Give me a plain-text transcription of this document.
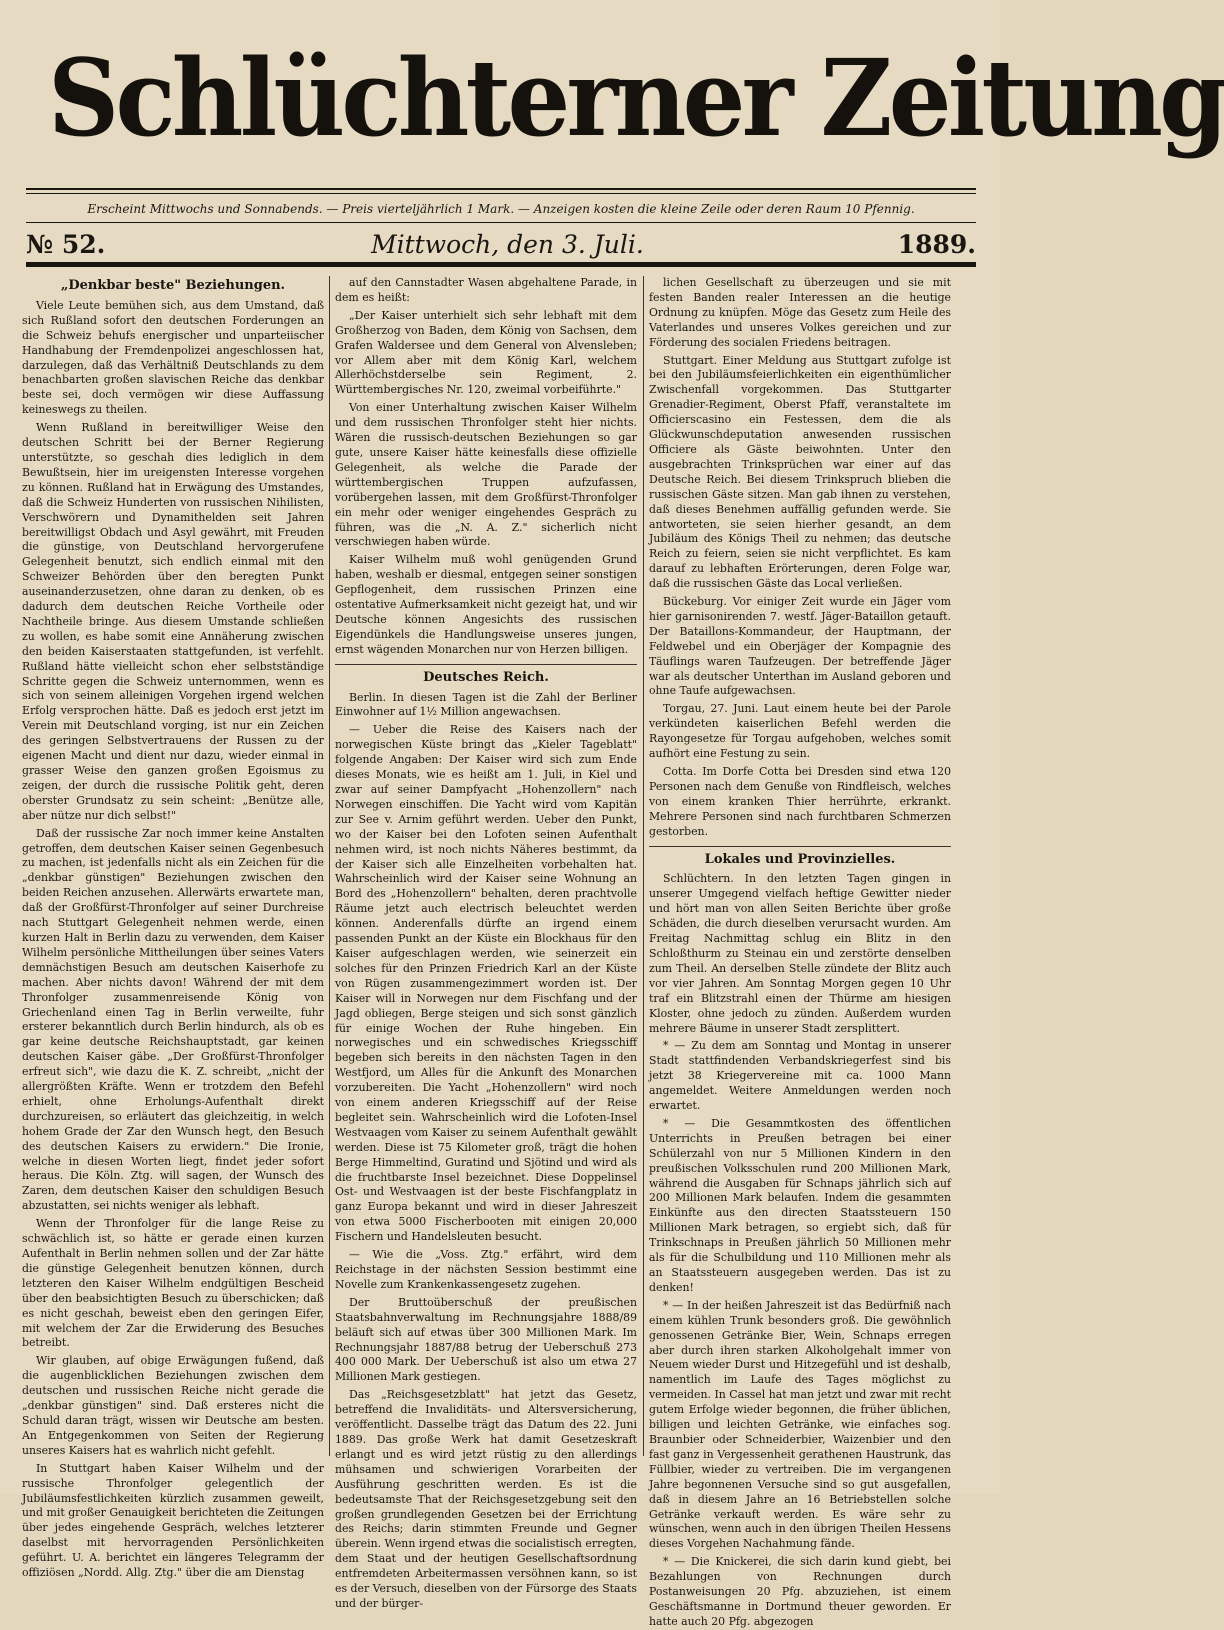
Schlüchterner Zeitung
Erscheint Mittwochs und Sonnabends. — Preis vierteljährlich 1 Mark. — Anzeigen kosten die kleine Zeile oder deren Raum 10 Pfennig.
№ 52.	Mittwoch, den 3. Juli.	1889.

„Denkbar beste" Beziehungen.

Viele Leute bemühen sich, aus dem Umstand, daß sich Rußland sofort den deutschen Forderungen an die Schweiz behufs energischer und unparteiischer Handhabung der Fremdenpolizei angeschlossen hat, darzulegen, daß das Verhältniß Deutschlands zu dem benachbarten großen slavischen Reiche das denkbar beste sei, doch vermögen wir diese Auffassung keineswegs zu theilen.

Wenn Rußland in bereitwilliger Weise den deutschen Schritt bei der Berner Regierung unterstützte, so geschah dies lediglich in dem Bewußtsein, hier im ureigensten Interesse vorgehen zu können. Rußland hat in Erwägung des Umstandes, daß die Schweiz Hunderten von russischen Nihilisten, Verschwörern und Dynamithelden seit Jahren bereitwilligst Obdach und Asyl gewährt, mit Freuden die günstige, von Deutschland hervorgerufene Gelegenheit benutzt, sich endlich einmal mit den Schweizer Behörden über den beregten Punkt auseinanderzusetzen, ohne daran zu denken, ob es dadurch dem deutschen Reiche Vortheile oder Nachtheile bringe. Aus diesem Umstande schließen zu wollen, es habe somit eine Annäherung zwischen den beiden Kaiserstaaten stattgefunden, ist verfehlt. Rußland hätte vielleicht schon eher selbstständige Schritte gegen die Schweiz unternommen, wenn es sich von seinem alleinigen Vorgehen irgend welchen Erfolg versprochen hätte. Daß es jedoch erst jetzt im Verein mit Deutschland vorging, ist nur ein Zeichen des geringen Selbstvertrauens der Russen zu der eigenen Macht und dient nur dazu, wieder einmal in grasser Weise den ganzen großen Egoismus zu zeigen, der durch die russische Politik geht, deren oberster Grundsatz zu sein scheint: „Benütze alle, aber nütze nur dich selbst!"

Daß der russische Zar noch immer keine Anstalten getroffen, dem deutschen Kaiser seinen Gegenbesuch zu machen, ist jedenfalls nicht als ein Zeichen für die „denkbar günstigen" Beziehungen zwischen den beiden Reichen anzusehen. Allerwärts erwartete man, daß der Großfürst-Thronfolger auf seiner Durchreise nach Stuttgart Gelegenheit nehmen werde, einen kurzen Halt in Berlin dazu zu verwenden, dem Kaiser Wilhelm persönliche Mittheilungen über seines Vaters demnächstigen Besuch am deutschen Kaiserhofe zu machen. Aber nichts davon! Während der mit dem Thronfolger zusammenreisende König von Griechenland einen Tag in Berlin verweilte, fuhr ersterer bekanntlich durch Berlin hindurch, als ob es gar keine deutsche Reichshauptstadt, gar keinen deutschen Kaiser gäbe. „Der Großfürst-Thronfolger erfreut sich", wie dazu die K. Z. schreibt, „nicht der allergrößten Kräfte. Wenn er trotzdem den Befehl erhielt, ohne Erholungs-Aufenthalt direkt durchzureisen, so erläutert das gleichzeitig, in welch hohem Grade der Zar den Wunsch hegt, den Besuch des deutschen Kaisers zu erwidern." Die Ironie, welche in diesen Worten liegt, findet jeder sofort heraus. Die Köln. Ztg. will sagen, der Wunsch des Zaren, dem deutschen Kaiser den schuldigen Besuch abzustatten, sei nichts weniger als lebhaft.

Wenn der Thronfolger für die lange Reise zu schwächlich ist, so hätte er gerade einen kurzen Aufenthalt in Berlin nehmen sollen und der Zar hätte die günstige Gelegenheit benutzen können, durch letzteren den Kaiser Wilhelm endgültigen Bescheid über den beabsichtigten Besuch zu überschicken; daß es nicht geschah, beweist eben den geringen Eifer, mit welchem der Zar die Erwiderung des Besuches betreibt.

Wir glauben, auf obige Erwägungen fußend, daß die augenblicklichen Beziehungen zwischen dem deutschen und russischen Reiche nicht gerade die „denkbar günstigen" sind. Daß ersteres nicht die Schuld daran trägt, wissen wir Deutsche am besten. An Entgegenkommen von Seiten der Regierung unseres Kaisers hat es wahrlich nicht gefehlt.

In Stuttgart haben Kaiser Wilhelm und der russische Thronfolger gelegentlich der Jubiläumsfestlichkeiten kürzlich zusammen geweilt, und mit großer Genauigkeit berichteten die Zeitungen über jedes eingehende Gespräch, welches letzterer daselbst mit hervorragenden Persönlichkeiten geführt. U. A. berichtet ein längeres Telegramm der offiziösen „Nordd. Allg. Ztg." über die am Dienstag

auf den Cannstadter Wasen abgehaltene Parade, in dem es heißt:

„Der Kaiser unterhielt sich sehr lebhaft mit dem Großherzog von Baden, dem König von Sachsen, dem Grafen Waldersee und dem General von Alvensleben; vor Allem aber mit dem König Karl, welchem Allerhöchstderselbe sein Regiment, 2. Württembergisches Nr. 120, zweimal vorbeiführte."

Von einer Unterhaltung zwischen Kaiser Wilhelm und dem russischen Thronfolger steht hier nichts. Wären die russisch-deutschen Beziehungen so gar gute, unsere Kaiser hätte keinesfalls diese offizielle Gelegenheit, als welche die Parade der württembergischen Truppen aufzufassen, vorübergehen lassen, mit dem Großfürst-Thronfolger ein mehr oder weniger eingehendes Gespräch zu führen, was die „N. A. Z." sicherlich nicht verschwiegen haben würde.

Kaiser Wilhelm muß wohl genügenden Grund haben, weshalb er diesmal, entgegen seiner sonstigen Gepflogenheit, dem russischen Prinzen eine ostentative Aufmerksamkeit nicht gezeigt hat, und wir Deutsche können Angesichts des russischen Eigendünkels die Handlungsweise unseres jungen, ernst wägenden Monarchen nur von Herzen billigen.

Deutsches Reich.

Berlin. In diesen Tagen ist die Zahl der Berliner Einwohner auf 1½ Million angewachsen.

— Ueber die Reise des Kaisers nach der norwegischen Küste bringt das „Kieler Tageblatt" folgende Angaben: Der Kaiser wird sich zum Ende dieses Monats, wie es heißt am 1. Juli, in Kiel und zwar auf seiner Dampfyacht „Hohenzollern" nach Norwegen einschiffen. Die Yacht wird vom Kapitän zur See v. Arnim geführt werden. Ueber den Punkt, wo der Kaiser bei den Lofoten seinen Aufenthalt nehmen wird, ist noch nichts Näheres bestimmt, da der Kaiser sich alle Einzelheiten vorbehalten hat. Wahrscheinlich wird der Kaiser seine Wohnung an Bord des „Hohenzollern" behalten, deren prachtvolle Räume jetzt auch electrisch beleuchtet werden können. Anderenfalls dürfte an irgend einem passenden Punkt an der Küste ein Blockhaus für den Kaiser aufgeschlagen werden, wie seinerzeit ein solches für den Prinzen Friedrich Karl an der Küste von Rügen zusammengezimmert worden ist. Der Kaiser will in Norwegen nur dem Fischfang und der Jagd obliegen, Berge steigen und sich sonst gänzlich für einige Wochen der Ruhe hingeben. Ein norwegisches und ein schwedisches Kriegsschiff begeben sich bereits in den nächsten Tagen in den Westfjord, um Alles für die Ankunft des Monarchen vorzubereiten. Die Yacht „Hohenzollern" wird noch von einem anderen Kriegsschiff auf der Reise begleitet sein. Wahrscheinlich wird die Lofoten-Insel Westvaagen vom Kaiser zu seinem Aufenthalt gewählt werden. Diese ist 75 Kilometer groß, trägt die hohen Berge Himmeltind, Guratind und Sjötind und wird als die fruchtbarste Insel bezeichnet. Diese Doppelinsel Ost- und Westvaagen ist der beste Fischfangplatz in ganz Europa bekannt und wird in dieser Jahreszeit von etwa 5000 Fischerbooten mit einigen 20,000 Fischern und Handelsleuten besucht.

— Wie die „Voss. Ztg." erfährt, wird dem Reichstage in der nächsten Session bestimmt eine Novelle zum Krankenkassengesetz zugehen.

Der Bruttoüberschuß der preußischen Staatsbahnverwaltung im Rechnungsjahre 1888/89 beläuft sich auf etwas über 300 Millionen Mark. Im Rechnungsjahr 1887/88 betrug der Ueberschuß 273 400 000 Mark. Der Ueberschuß ist also um etwa 27 Millionen Mark gestiegen.

Das „Reichsgesetzblatt" hat jetzt das Gesetz, betreffend die Invaliditäts- und Altersversicherung, veröffentlicht. Dasselbe trägt das Datum des 22. Juni 1889. Das große Werk hat damit Gesetzeskraft erlangt und es wird jetzt rüstig zu den allerdings mühsamen und schwierigen Vorarbeiten der Ausführung geschritten werden. Es ist die bedeutsamste That der Reichsgesetzgebung seit den großen grundlegenden Gesetzen bei der Errichtung des Reichs; darin stimmten Freunde und Gegner überein. Wenn irgend etwas die socialistisch erregten, dem Staat und der heutigen Gesellschaftsordnung entfremdeten Arbeitermassen versöhnen kann, so ist es der Versuch, dieselben von der Fürsorge des Staats und der bürger-

lichen Gesellschaft zu überzeugen und sie mit festen Banden realer Interessen an die heutige Ordnung zu knüpfen. Möge das Gesetz zum Heile des Vaterlandes und unseres Volkes gereichen und zur Förderung des socialen Friedens beitragen.

Stuttgart. Einer Meldung aus Stuttgart zufolge ist bei den Jubiläumsfeierlichkeiten ein eigenthümlicher Zwischenfall vorgekommen. Das Stuttgarter Grenadier-Regiment, Oberst Pfaff, veranstaltete im Officierscasino ein Festessen, dem die als Glückwunschdeputation anwesenden russischen Officiere als Gäste beiwohnten. Unter den ausgebrachten Trinksprüchen war einer auf das Deutsche Reich. Bei diesem Trinkspruch blieben die russischen Gäste sitzen. Man gab ihnen zu verstehen, daß dieses Benehmen auffällig gefunden werde. Sie antworteten, sie seien hierher gesandt, an dem Jubiläum des Königs Theil zu nehmen; das deutsche Reich zu feiern, seien sie nicht verpflichtet. Es kam darauf zu lebhaften Erörterungen, deren Folge war, daß die russischen Gäste das Local verließen.

Bückeburg. Vor einiger Zeit wurde ein Jäger vom hier garnisonirenden 7. westf. Jäger-Bataillon getauft. Der Bataillons-Kommandeur, der Hauptmann, der Feldwebel und ein Oberjäger der Kompagnie des Täuflings waren Taufzeugen. Der betreffende Jäger war als deutscher Unterthan im Ausland geboren und ohne Taufe aufgewachsen.

Torgau, 27. Juni. Laut einem heute bei der Parole verkündeten kaiserlichen Befehl werden die Rayongesetze für Torgau aufgehoben, welches somit aufhört eine Festung zu sein.

Cotta. Im Dorfe Cotta bei Dresden sind etwa 120 Personen nach dem Genuße von Rindfleisch, welches von einem kranken Thier herrührte, erkrankt. Mehrere Personen sind nach furchtbaren Schmerzen gestorben.

Lokales und Provinzielles.

Schlüchtern. In den letzten Tagen gingen in unserer Umgegend vielfach heftige Gewitter nieder und hört man von allen Seiten Berichte über große Schäden, die durch dieselben verursacht wurden. Am Freitag Nachmittag schlug ein Blitz in den Schloßthurm zu Steinau ein und zerstörte denselben zum Theil. An derselben Stelle zündete der Blitz auch vor vier Jahren. Am Sonntag Morgen gegen 10 Uhr traf ein Blitzstrahl einen der Thürme am hiesigen Kloster, ohne jedoch zu zünden. Außerdem wurden mehrere Bäume in unserer Stadt zersplittert.

* — Zu dem am Sonntag und Montag in unserer Stadt stattfindenden Verbandskriegerfest sind bis jetzt 38 Kriegervereine mit ca. 1000 Mann angemeldet. Weitere Anmeldungen werden noch erwartet.

* — Die Gesammtkosten des öffentlichen Unterrichts in Preußen betragen bei einer Schülerzahl von nur 5 Millionen Kindern in den preußischen Volksschulen rund 200 Millionen Mark, während die Ausgaben für Schnaps jährlich sich auf 200 Millionen Mark belaufen. Indem die gesammten Einkünfte aus den directen Staatssteuern 150 Millionen Mark betragen, so ergiebt sich, daß für Trinkschnaps in Preußen jährlich 50 Millionen mehr als für die Schulbildung und 110 Millionen mehr als an Staatssteuern ausgegeben werden. Das ist zu denken!

* — In der heißen Jahreszeit ist das Bedürfniß nach einem kühlen Trunk besonders groß. Die gewöhnlich genossenen Getränke Bier, Wein, Schnaps erregen aber durch ihren starken Alkoholgehalt immer von Neuem wieder Durst und Hitzegefühl und ist deshalb, namentlich im Laufe des Tages möglichst zu vermeiden. In Cassel hat man jetzt und zwar mit recht gutem Erfolge wieder begonnen, die früher üblichen, billigen und leichten Getränke, wie einfaches sog. Braunbier oder Schneiderbier, Waizenbier und den fast ganz in Vergessenheit gerathenen Haustrunk, das Füllbier, wieder zu vertreiben. Die im vergangenen Jahre begonnenen Versuche sind so gut ausgefallen, daß in diesem Jahre an 16 Betriebstellen solche Getränke verkauft werden. Es wäre sehr zu wünschen, wenn auch in den übrigen Theilen Hessens dieses Vorgehen Nachahmung fände.

* — Die Knickerei, die sich darin kund giebt, bei Bezahlungen von Rechnungen durch Postanweisungen 20 Pfg. abzuziehen, ist einem Geschäftsmanne in Dortmund theuer geworden. Er hatte auch 20 Pfg. abgezogen
